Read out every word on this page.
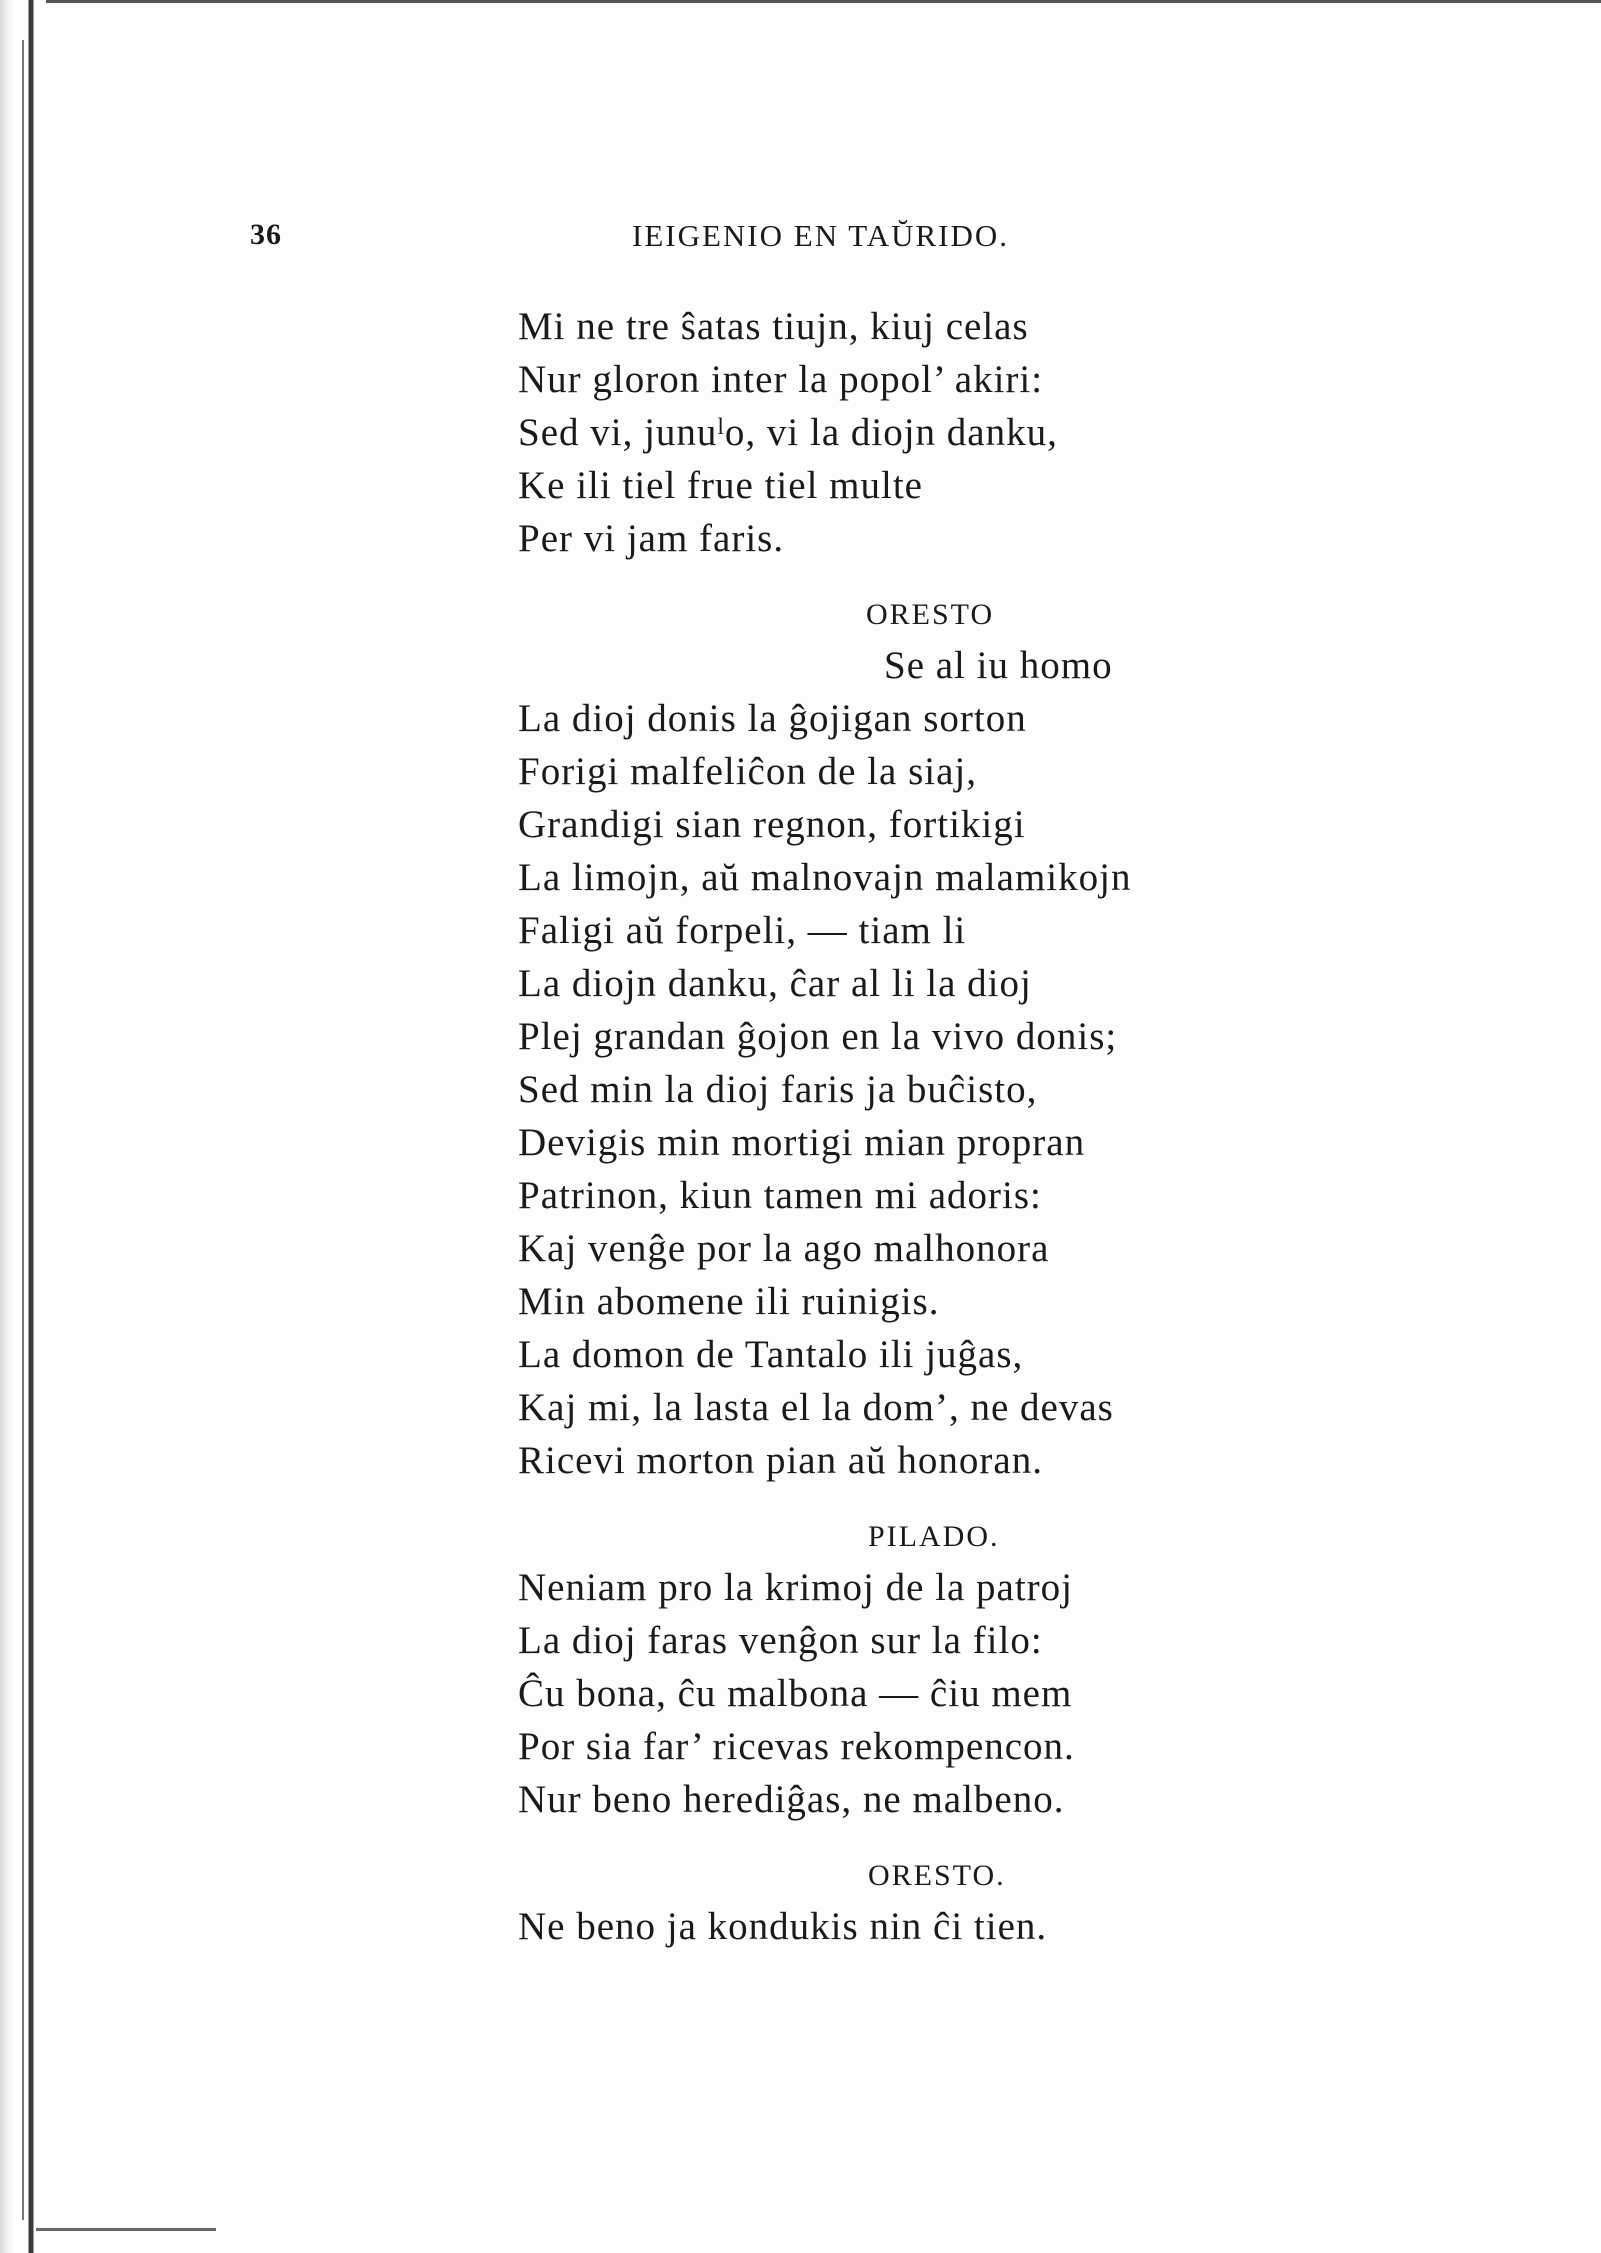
36	IEIGENIO EN TAŬRIDO.
Mi ne tre ŝatas tiujn, kiuj celas
Nur gloron inter la popol’ akiri:
Sed vi, junuˡo, vi la diojn danku,
Ke ili tiel frue tiel multe
Per vi jam faris.
ORESTO
Se al iu homo
La dioj donis la ĝojigan sorton
Forigi malfeliĉon de la siaj,
Grandigi sian regnon, fortikigi
La limojn, aŭ malnovajn malamikojn
Faligi aŭ forpeli, — tiam li
La diojn danku, ĉar al li la dioj
Plej grandan ĝojon en la vivo donis;
Sed min la dioj faris ja buĉisto,
Devigis min mortigi mian propran
Patrinon, kiun tamen mi adoris:
Kaj venĝe por la ago malhonora
Min abomene ili ruinigis.
La domon de Tantalo ili juĝas,
Kaj mi, la lasta el la dom’, ne devas
Ricevi morton pian aŭ honoran.
PILADO.
Neniam pro la krimoj de la patroj
La dioj faras venĝon sur la filo:
Ĉu bona, ĉu malbona — ĉiu mem
Por sia far’ ricevas rekompencon.
Nur beno herediĝas, ne malbeno.
ORESTO.
Ne beno ja kondukis nin ĉi tien.
